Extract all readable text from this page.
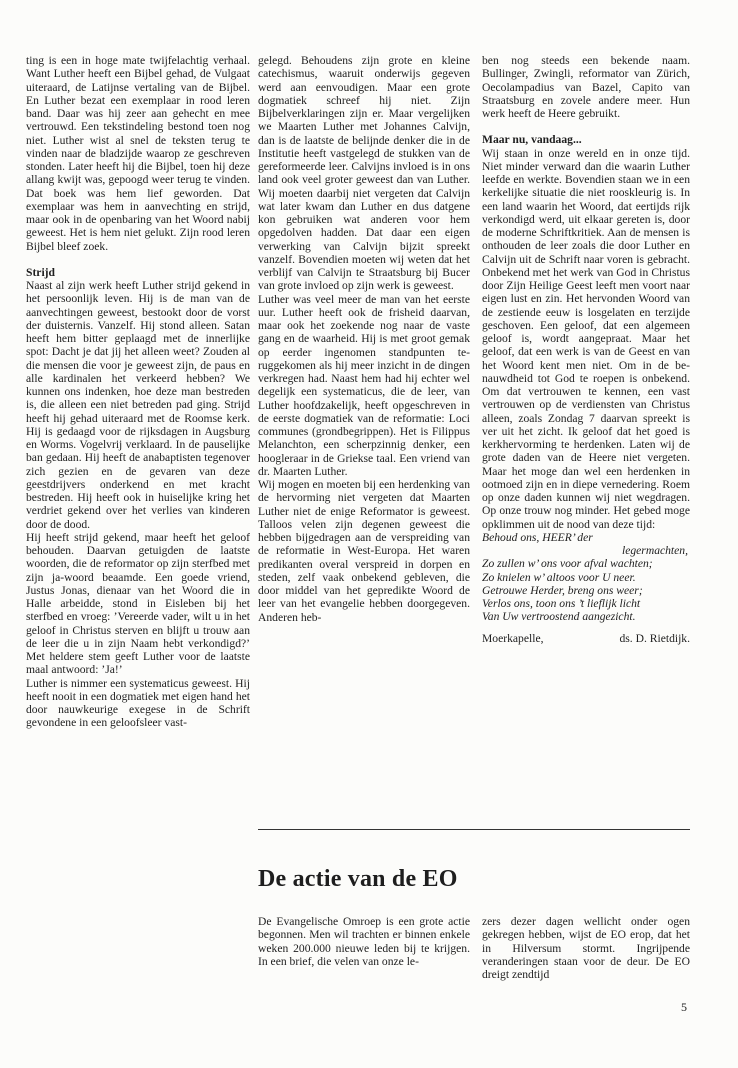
ting is een in hoge mate twijfelachtig verhaal. Want Luther heeft een Bijbel gehad, de Vulgaat uiteraard, de Latijnse vertaling van de Bijbel. En Luther bezat een exemplaar in rood leren band. Daar was hij zeer aan gehecht en mee vertrouwd. Een tekstindeling bestond toen nog niet. Luther wist al snel de teksten terug te vinden naar de bladzijde waarop ze geschreven stonden. Later heeft hij die Bijbel, toen hij deze allang kwijt was, gepoogd weer terug te vinden. Dat boek was hem lief geworden. Dat exemplaar was hem in aanvechting en strijd, maar ook in de openbaring van het Woord nabij geweest. Het is hem niet gelukt. Zijn rood leren Bijbel bleef zoek.

Strijd

Naast al zijn werk heeft Luther strijd gekend in het persoonlijk leven. Hij is de man van de aanvechtingen geweest, bestookt door de vorst der duisternis. Vanzelf. Hij stond alleen. Satan heeft hem bitter geplaagd met de innerlijke spot: Dacht je dat jij het alleen weet? Zouden al die mensen die voor je geweest zijn, de paus en alle kardinalen het verkeerd hebben? We kunnen ons indenken, hoe deze man bestreden is, die alleen een niet betreden pad ging. Strijd heeft hij gehad uiteraard met de Roomse kerk. Hij is gedaagd voor de rijksdagen in Augsburg en Worms. Vogelvrij verklaard. In de pauselijke ban gedaan. Hij heeft de anabaptisten tegenover zich gezien en de gevaren van deze geestdrijvers onderkend en met kracht bestreden. Hij heeft ook in huiselijke kring het verdriet gekend over het verlies van kinderen door de dood.

Hij heeft strijd gekend, maar heeft het geloof behouden. Daarvan getuigden de laatste woorden, die de reformator op zijn sterfbed met zijn ja-woord beaamde. Een goede vriend, Justus Jonas, dienaar van het Woord die in Halle arbeidde, stond in Eisleben bij het sterfbed en vroeg: ’Vereerde vader, wilt u in het geloof in Christus sterven en blijft u trouw aan de leer die u in zijn Naam hebt verkondigd?’ Met heldere stem geeft Luther voor de laatste maal antwoord: ’Ja!’

Luther is nimmer een systematicus geweest. Hij heeft nooit in een dogmatiek met eigen hand het door nauwkeurige exegese in de Schrift gevondene in een geloofsleer vast-

gelegd. Behoudens zijn grote en kleine catechismus, waaruit onderwijs gegeven werd aan eenvoudigen. Maar een grote dogmatiek schreef hij niet. Zijn Bijbelverklaringen zijn er. Maar vergelijken we Maarten Luther met Johannes Calvijn, dan is de laatste de belijnde denker die in de Institutie heeft vastgelegd de stukken van de gereformeerde leer. Calvijns invloed is in ons land ook veel groter geweest dan van Luther. Wij moeten daarbij niet vergeten dat Calvijn wat later kwam dan Luther en dus datgene kon gebruiken wat anderen voor hem opgedolven hadden. Dat daar een eigen verwerking van Calvijn bijzit spreekt vanzelf. Bovendien moeten wij weten dat het verblijf van Calvijn te Straatsburg bij Bucer van grote invloed op zijn werk is geweest.

Luther was veel meer de man van het eerste uur. Luther heeft ook de frisheid daarvan, maar ook het zoekende nog naar de vaste gang en de waarheid. Hij is met groot gemak op eerder ingenomen standpunten teruggekomen als hij meer inzicht in de dingen verkregen had. Naast hem had hij echter wel degelijk een systematicus, die de leer, van Luther hoofdzakelijk, heeft opgeschreven in de eerste dogmatiek van de reformatie: Loci communes (grondbegrippen). Het is Filippus Melanchton, een scherpzinnig denker, een hoogleraar in de Griekse taal. Een vriend van dr. Maarten Luther.

Wij mogen en moeten bij een herdenking van de hervorming niet vergeten dat Maarten Luther niet de enige Reformator is geweest. Talloos velen zijn degenen geweest die hebben bijgedragen aan de verspreiding van de reformatie in West-Europa. Het waren predikanten overal verspreid in dorpen en steden, zelf vaak onbekend gebleven, die door middel van het gepredikte Woord de leer van het evangelie hebben doorgegeven. Anderen heb-

ben nog steeds een bekende naam. Bullinger, Zwingli, reformator van Zürich, Oecolampadius van Bazel, Capito van Straatsburg en zovele andere meer. Hun werk heeft de Heere gebruikt.

Maar nu, vandaag...

Wij staan in onze wereld en in onze tijd. Niet minder verward dan die waarin Luther leefde en werkte. Bovendien staan we in een kerkelijke situatie die niet rooskleurig is. In een land waarin het Woord, dat eertijds rijk verkondigd werd, uit elkaar gereten is, door de moderne Schriftkritiek. Aan de mensen is onthouden de leer zoals die door Luther en Calvijn uit de Schrift naar voren is gebracht. Onbekend met het werk van God in Christus door Zijn Heilige Geest leeft men voort naar eigen lust en zin. Het hervonden Woord van de zestiende eeuw is losgelaten en terzijde geschoven. Een geloof, dat een algemeen geloof is, wordt aangepraat. Maar het geloof, dat een werk is van de Geest en van het Woord kent men niet. Om in de benauwdheid tot God te roepen is onbekend. Om dat vertrouwen te kennen, een vast vertrouwen op de verdiensten van Christus alleen, zoals Zondag 7 daarvan spreekt is ver uit het zicht. Ik geloof dat het goed is kerkhervorming te herdenken. Laten wij de grote daden van de Heere niet vergeten. Maar het moge dan wel een herdenken in ootmoed zijn en in diepe vernedering. Roem op onze daden kunnen wij niet wegdragen. Op onze trouw nog minder. Het gebed moge opklimmen uit de nood van deze tijd:

Behoud ons, HEER’ der
legermachten,
Zo zullen w’ ons voor afval wachten;
Zo knielen w’ altoos voor U neer.
Getrouwe Herder, breng ons weer;
Verlos ons, toon ons ’t lieflijk licht
Van Uw vertroostend aangezicht.

Moerkapelle,	ds. D. Rietdijk.

De actie van de EO

De Evangelische Omroep is een grote actie begonnen. Men wil trachten er binnen enkele weken 200.000 nieuwe leden bij te krijgen. In een brief, die velen van onze le-

zers dezer dagen wellicht onder ogen gekregen hebben, wijst de EO erop, dat het in Hilversum stormt. Ingrijpende veranderingen staan voor de deur. De EO dreigt zendtijd

5
